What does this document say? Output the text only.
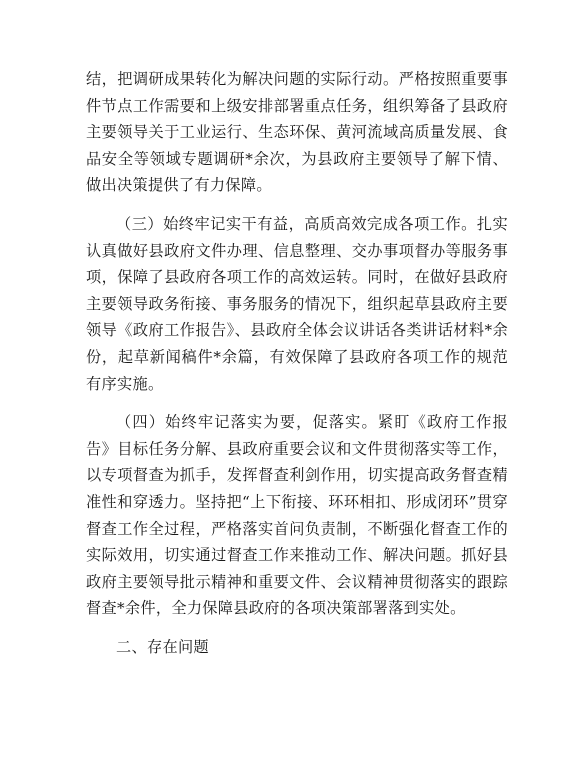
结，把调研成果转化为解决问题的实际行动。严格按照重要事件节点工作需要和上级安排部署重点任务，组织筹备了县政府主要领导关于工业运行、生态环保、黄河流域高质量发展、食品安全等领域专题调研*余次，为县政府主要领导了解下情、做出决策提供了有力保障。

（三）始终牢记实干有益，高质高效完成各项工作。扎实认真做好县政府文件办理、信息整理、交办事项督办等服务事项，保障了县政府各项工作的高效运转。同时，在做好县政府主要领导政务衔接、事务服务的情况下，组织起草县政府主要领导《政府工作报告》、县政府全体会议讲话各类讲话材料*余份，起草新闻稿件*余篇，有效保障了县政府各项工作的规范有序实施。

（四）始终牢记落实为要，促落实。紧盯《政府工作报告》目标任务分解、县政府重要会议和文件贯彻落实等工作，以专项督查为抓手，发挥督查利剑作用，切实提高政务督查精准性和穿透力。坚持把“上下衔接、环环相扣、形成闭环”贯穿督查工作全过程，严格落实首问负责制，不断强化督查工作的实际效用，切实通过督查工作来推动工作、解决问题。抓好县政府主要领导批示精神和重要文件、会议精神贯彻落实的跟踪督查*余件，全力保障县政府的各项决策部署落到实处。

二、存在问题
